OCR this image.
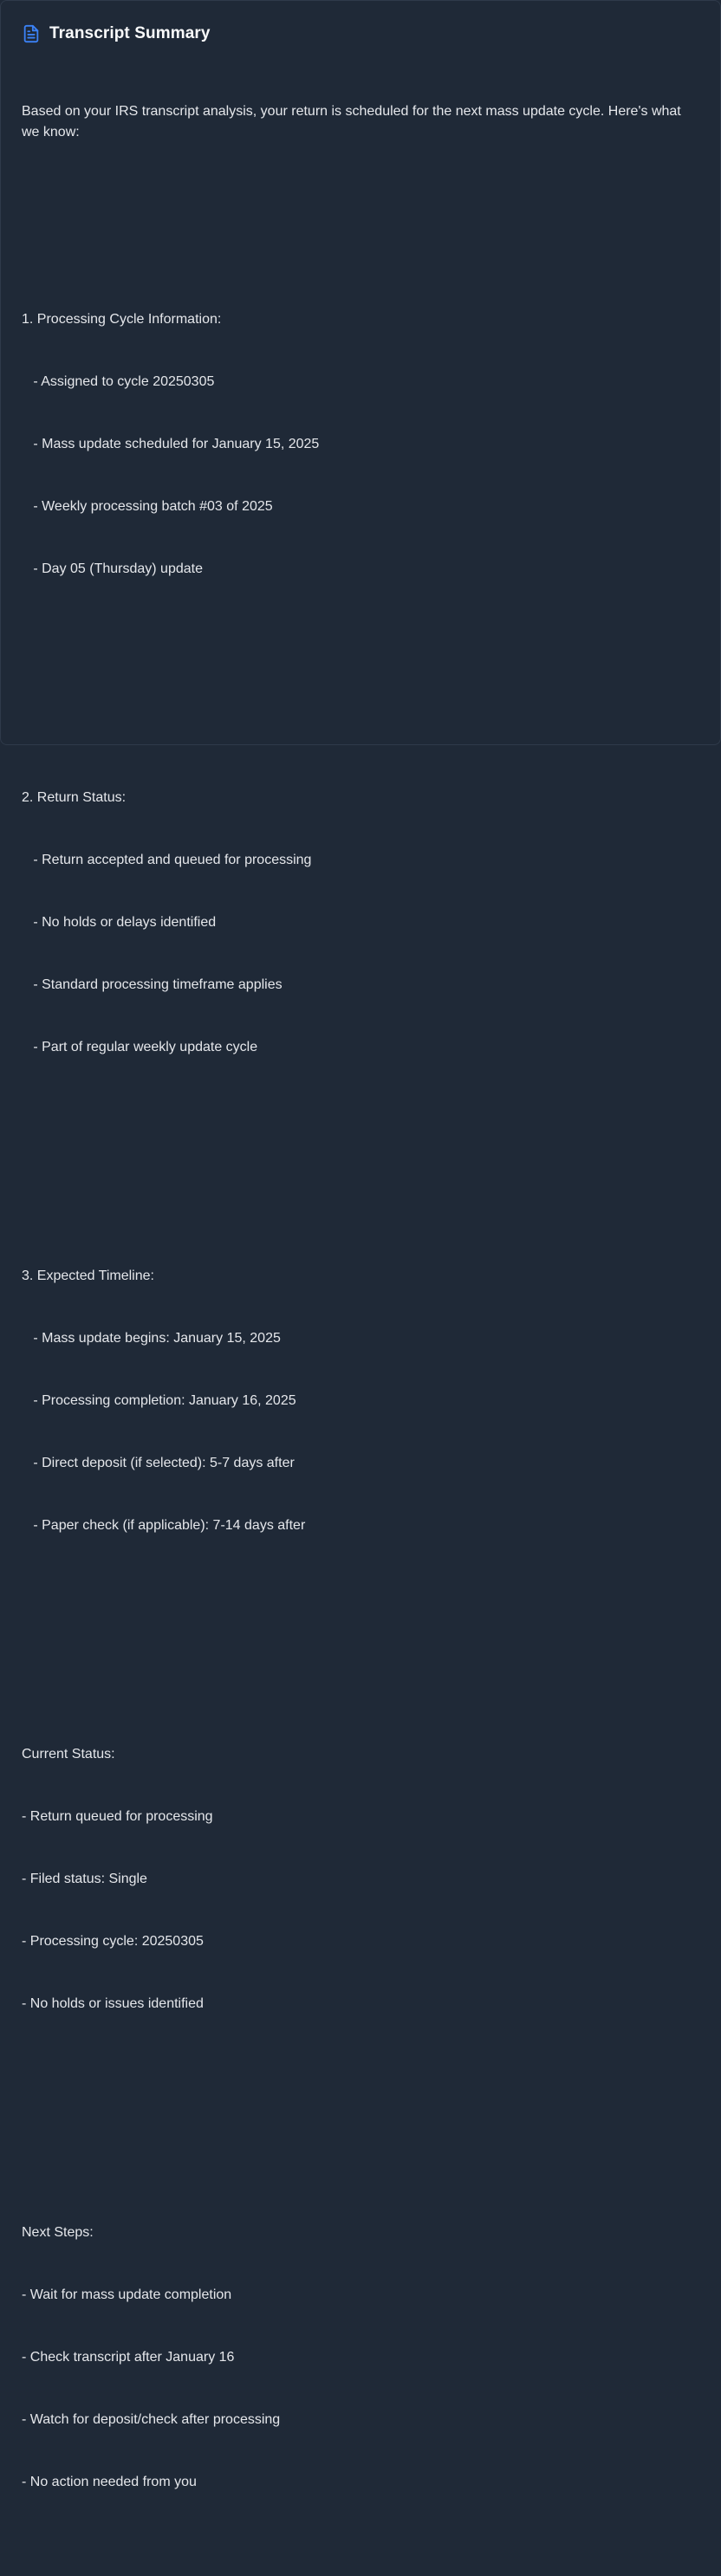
Transcript Summary

Based on your IRS transcript analysis, your return is scheduled for the next mass update cycle. Here's what we know:

1. Processing Cycle Information:

- Assigned to cycle 20250305

- Mass update scheduled for January 15, 2025

- Weekly processing batch #03 of 2025

- Day 05 (Thursday) update

2. Return Status:

- Return accepted and queued for processing

- No holds or delays identified

- Standard processing timeframe applies

- Part of regular weekly update cycle

3. Expected Timeline:

- Mass update begins: January 15, 2025

- Processing completion: January 16, 2025

- Direct deposit (if selected): 5-7 days after

- Paper check (if applicable): 7-14 days after

Current Status:

- Return queued for processing

- Filed status: Single

- Processing cycle: 20250305

- No holds or issues identified

Next Steps:

- Wait for mass update completion

- Check transcript after January 16

- Watch for deposit/check after processing

- No action needed from you
